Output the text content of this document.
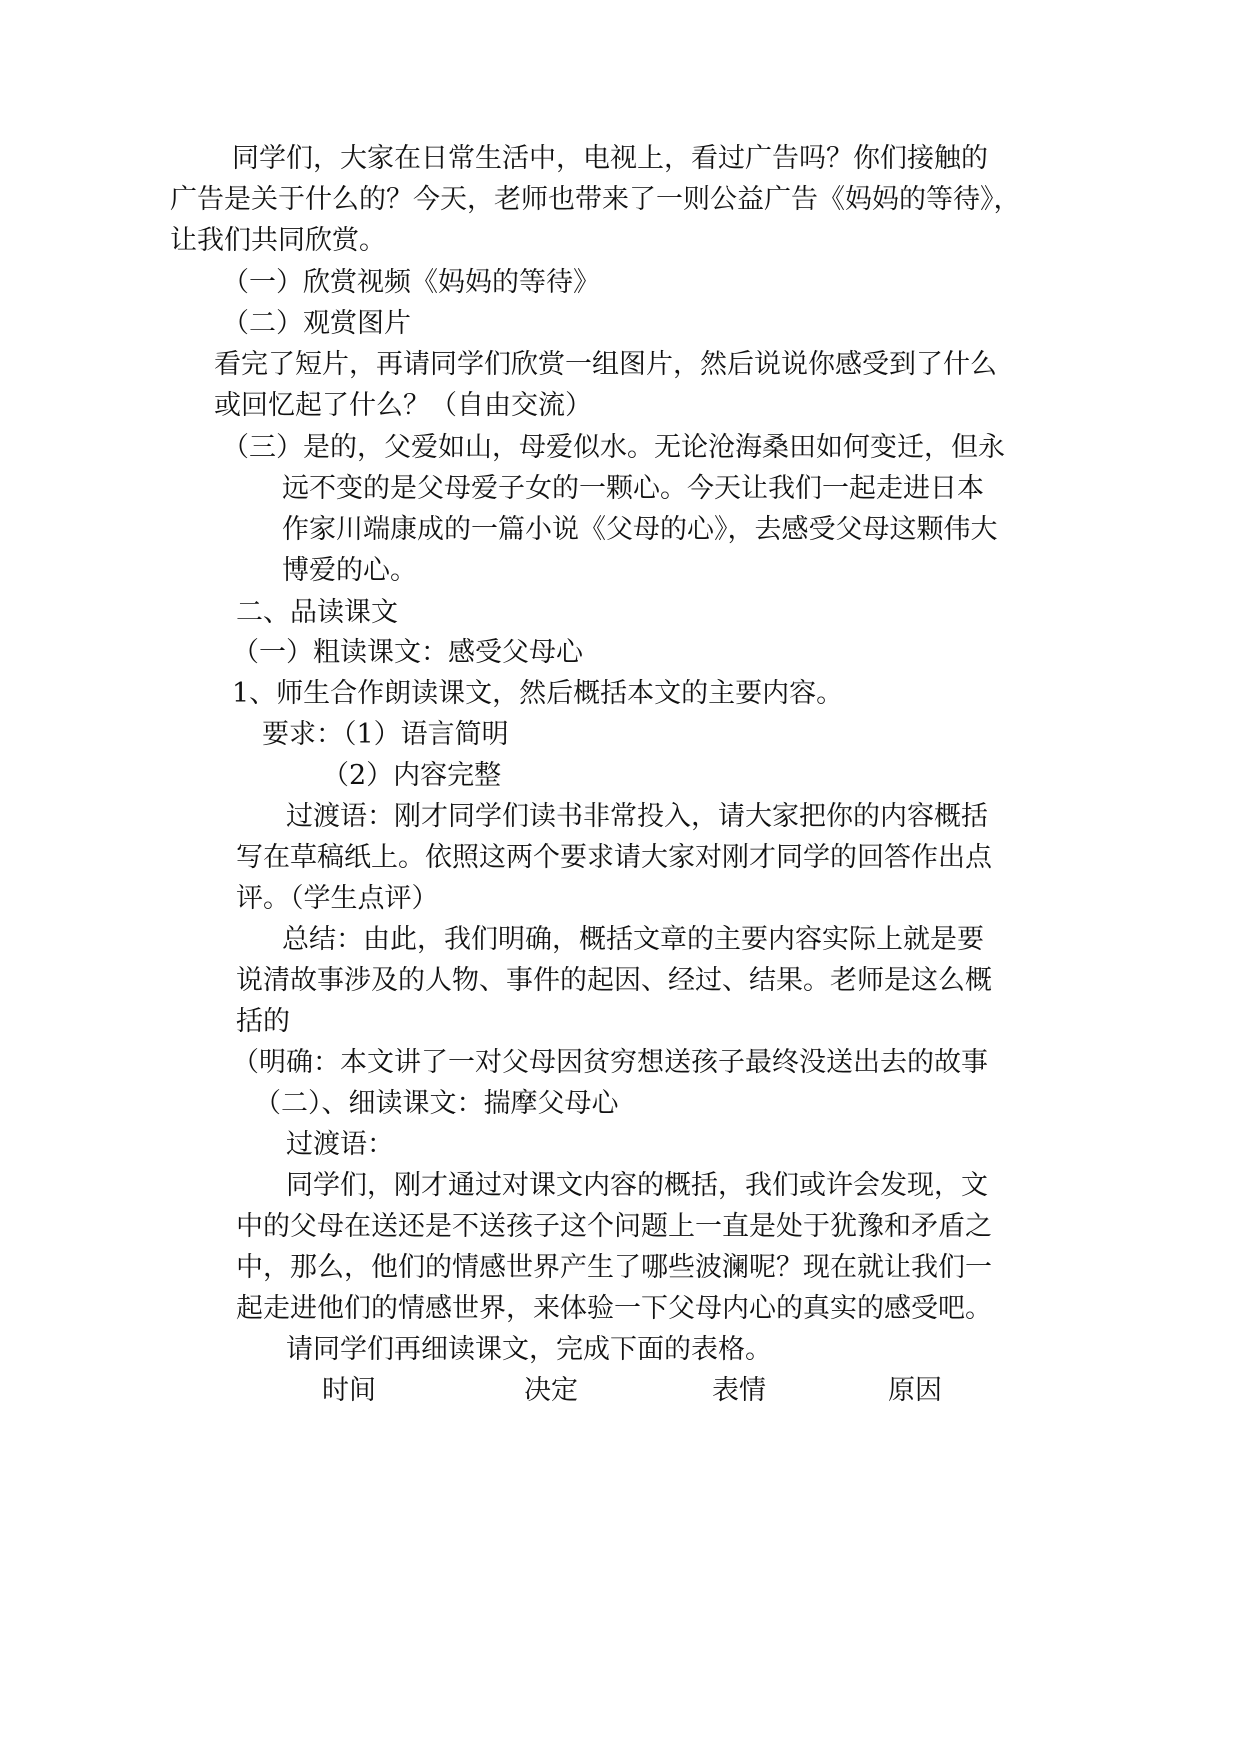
同学们，大家在日常生活中，电视上，看过广告吗？你们接触的

广告是关于什么的？今天，老师也带来了一则公益广告《妈妈的等待》，

让我们共同欣赏。

（一）欣赏视频《妈妈的等待》

（二）观赏图片

看完了短片，再请同学们欣赏一组图片，然后说说你感受到了什么

或回忆起了什么？（自由交流）

（三）是的，父爱如山，母爱似水。无论沧海桑田如何变迁，但永

远不变的是父母爱子女的一颗心。今天让我们一起走进日本

作家川端康成的一篇小说《父母的心》，去感受父母这颗伟大

博爱的心。

二、品读课文

（一）粗读课文：感受父母心

1、师生合作朗读课文，然后概括本文的主要内容。

要求：（1）语言简明

（2）内容完整

过渡语：刚才同学们读书非常投入，请大家把你的内容概括

写在草稿纸上。依照这两个要求请大家对刚才同学的回答作出点

评。（学生点评）

总结：由此，我们明确，概括文章的主要内容实际上就是要

说清故事涉及的人物、事件的起因、经过、结果。老师是这么概

括的

（明确：本文讲了一对父母因贫穷想送孩子最终没送出去的故事

（二）、细读课文：揣摩父母心

过渡语：

同学们，刚才通过对课文内容的概括，我们或许会发现，文

中的父母在送还是不送孩子这个问题上一直是处于犹豫和矛盾之

中，那么，他们的情感世界产生了哪些波澜呢？现在就让我们一

起走进他们的情感世界，来体验一下父母内心的真实的感受吧。

请同学们再细读课文，完成下面的表格。

时间	决定	表情	原因
